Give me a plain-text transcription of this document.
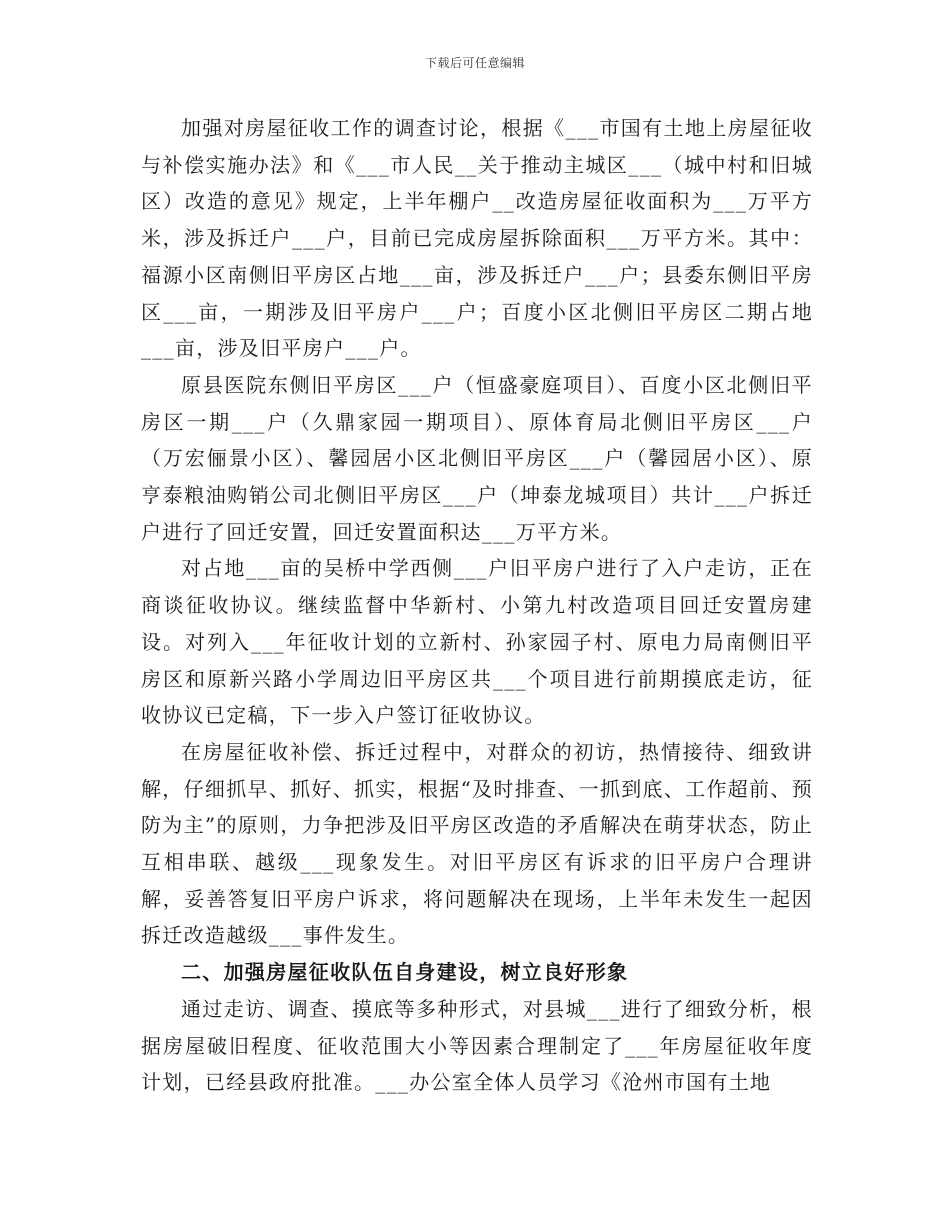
下载后可任意编辑

加强对房屋征收工作的调查讨论，根据《___市国有土地上房屋征收与补偿实施办法》和《___市人民__关于推动主城区___（城中村和旧城区）改造的意见》规定，上半年棚户__改造房屋征收面积为___万平方米，涉及拆迁户___户，目前已完成房屋拆除面积___万平方米。其中：福源小区南侧旧平房区占地___亩，涉及拆迁户___户；县委东侧旧平房区___亩，一期涉及旧平房户___户；百度小区北侧旧平房区二期占地___亩，涉及旧平房户___户。

原县医院东侧旧平房区___户（恒盛豪庭项目）、百度小区北侧旧平房区一期___户（久鼎家园一期项目）、原体育局北侧旧平房区___户（万宏俪景小区）、馨园居小区北侧旧平房区___户（馨园居小区）、原亨泰粮油购销公司北侧旧平房区___户（坤泰龙城项目）共计___户拆迁户进行了回迁安置，回迁安置面积达___万平方米。

对占地___亩的吴桥中学西侧___户旧平房户进行了入户走访，正在商谈征收协议。继续监督中华新村、小第九村改造项目回迁安置房建设。对列入___年征收计划的立新村、孙家园子村、原电力局南侧旧平房区和原新兴路小学周边旧平房区共___个项目进行前期摸底走访，征收协议已定稿，下一步入户签订征收协议。

在房屋征收补偿、拆迁过程中，对群众的初访，热情接待、细致讲解，仔细抓早、抓好、抓实，根据“及时排查、一抓到底、工作超前、预防为主”的原则，力争把涉及旧平房区改造的矛盾解决在萌芽状态，防止互相串联、越级___现象发生。对旧平房区有诉求的旧平房户合理讲解，妥善答复旧平房户诉求，将问题解决在现场，上半年未发生一起因拆迁改造越级___事件发生。

二、加强房屋征收队伍自身建设，树立良好形象

通过走访、调查、摸底等多种形式，对县城___进行了细致分析，根据房屋破旧程度、征收范围大小等因素合理制定了___年房屋征收年度计划，已经县政府批准。___办公室全体人员学习《沧州市国有土地
